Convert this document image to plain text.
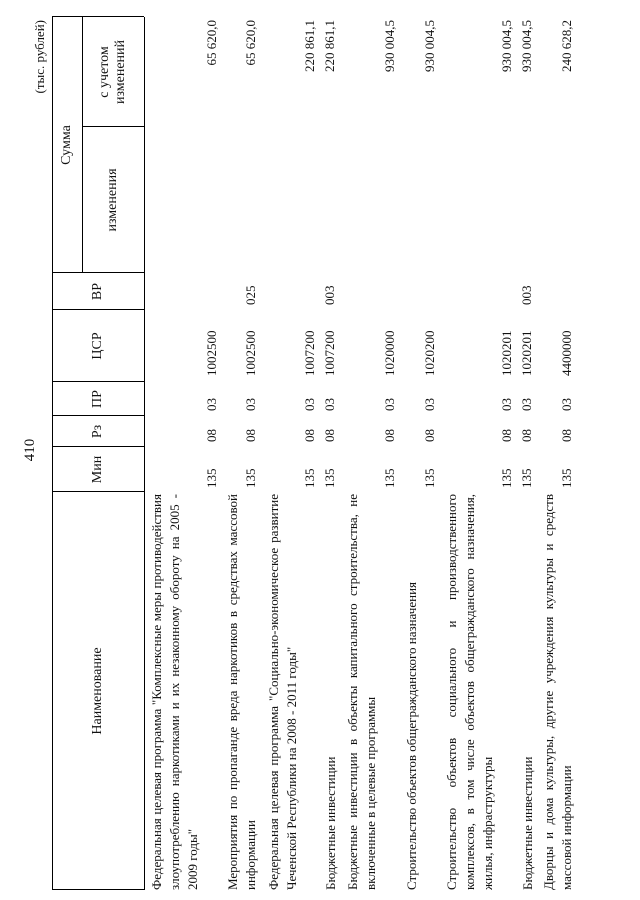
410
(тыс. рублей)
Наименование
Мин
Рз
ПР
ЦСР
ВР
Сумма
изменения
с учетом изменений
Федеральная целевая программа "Комплексные меры противодействия злоупотреблению наркотиками и их незаконному обороту на 2005 - 2009 годы"
135
08
03
1002500
65 620,0
Мероприятия по пропаганде вреда наркотиков в средствах массовой информации
135
08
03
1002500
025
65 620,0
Федеральная целевая программа "Социально-экономическое развитие Чеченской Республики на 2008 - 2011 годы"
135
08
03
1007200
220 861,1
Бюджетные инвестиции
135
08
03
1007200
003
220 861,1
Бюджетные инвестиции в объекты капитального строительства, не включенные в целевые программы
135
08
03
1020000
930 004,5
Строительство объектов общегражданского назначения
135
08
03
1020200
930 004,5
Строительство объектов социального и производственного комплексов, в том числе объектов общегражданского назначения, жилья, инфраструктуры
135
08
03
1020201
930 004,5
Бюджетные инвестиции
135
08
03
1020201
003
930 004,5
Дворцы и дома культуры, другие учреждения культуры и средств массовой информации
135
08
03
4400000
240 628,2
